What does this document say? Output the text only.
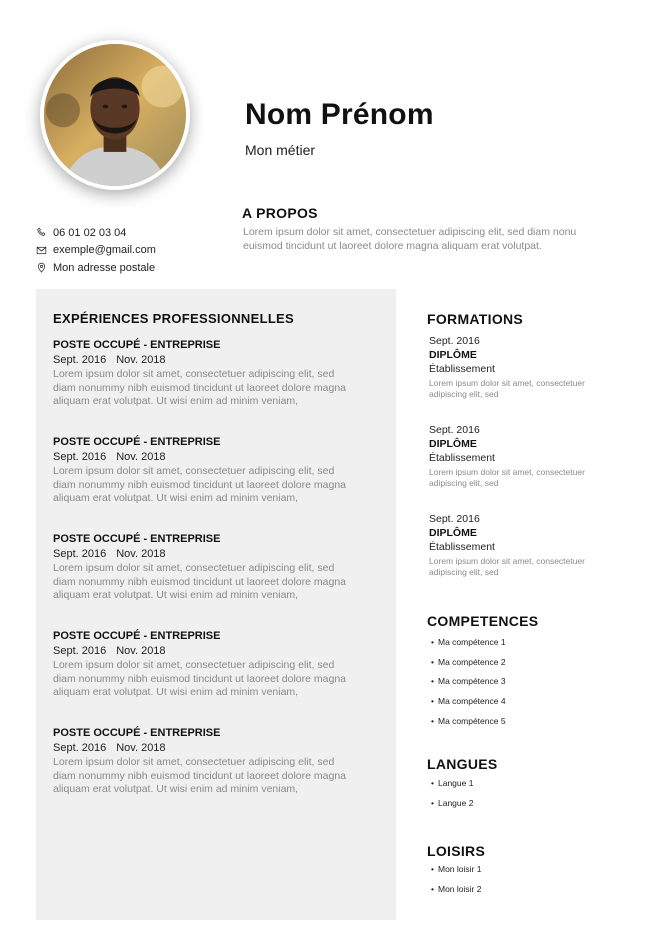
Nom Prénom
Mon métier
A PROPOS
Lorem ipsum dolor sit amet, consectetuer adipiscing elit, sed diam nonu euismod tincidunt ut laoreet dolore magna aliquam erat volutpat.
06 01 02 03 04
exemple@gmail.com
Mon adresse postale
EXPÉRIENCES PROFESSIONNELLES
POSTE OCCUPÉ - ENTREPRISE
Sept. 2016 Nov. 2018
Lorem ipsum dolor sit amet, consectetuer adipiscing elit, sed diam nonummy nibh euismod tincidunt ut laoreet dolore magna aliquam erat volutpat. Ut wisi enim ad minim veniam,
POSTE OCCUPÉ - ENTREPRISE
Sept. 2016 Nov. 2018
Lorem ipsum dolor sit amet, consectetuer adipiscing elit, sed diam nonummy nibh euismod tincidunt ut laoreet dolore magna aliquam erat volutpat. Ut wisi enim ad minim veniam,
POSTE OCCUPÉ - ENTREPRISE
Sept. 2016 Nov. 2018
Lorem ipsum dolor sit amet, consectetuer adipiscing elit, sed diam nonummy nibh euismod tincidunt ut laoreet dolore magna aliquam erat volutpat. Ut wisi enim ad minim veniam,
POSTE OCCUPÉ - ENTREPRISE
Sept. 2016 Nov. 2018
Lorem ipsum dolor sit amet, consectetuer adipiscing elit, sed diam nonummy nibh euismod tincidunt ut laoreet dolore magna aliquam erat volutpat. Ut wisi enim ad minim veniam,
POSTE OCCUPÉ - ENTREPRISE
Sept. 2016 Nov. 2018
Lorem ipsum dolor sit amet, consectetuer adipiscing elit, sed diam nonummy nibh euismod tincidunt ut laoreet dolore magna aliquam erat volutpat. Ut wisi enim ad minim veniam,
FORMATIONS
Sept. 2016
DIPLÔME
Établissement
Lorem ipsum dolor sit amet, consectetuer adipiscing elit, sed
Sept. 2016
DIPLÔME
Établissement
Lorem ipsum dolor sit amet, consectetuer adipiscing elit, sed
Sept. 2016
DIPLÔME
Établissement
Lorem ipsum dolor sit amet, consectetuer adipiscing elit, sed
COMPETENCES
• Ma compétence 1
• Ma compétence 2
• Ma compétence 3
• Ma compétence 4
• Ma compétence 5
LANGUES
• Langue 1
• Langue 2
LOISIRS
• Mon loisir 1
• Mon loisir 2
